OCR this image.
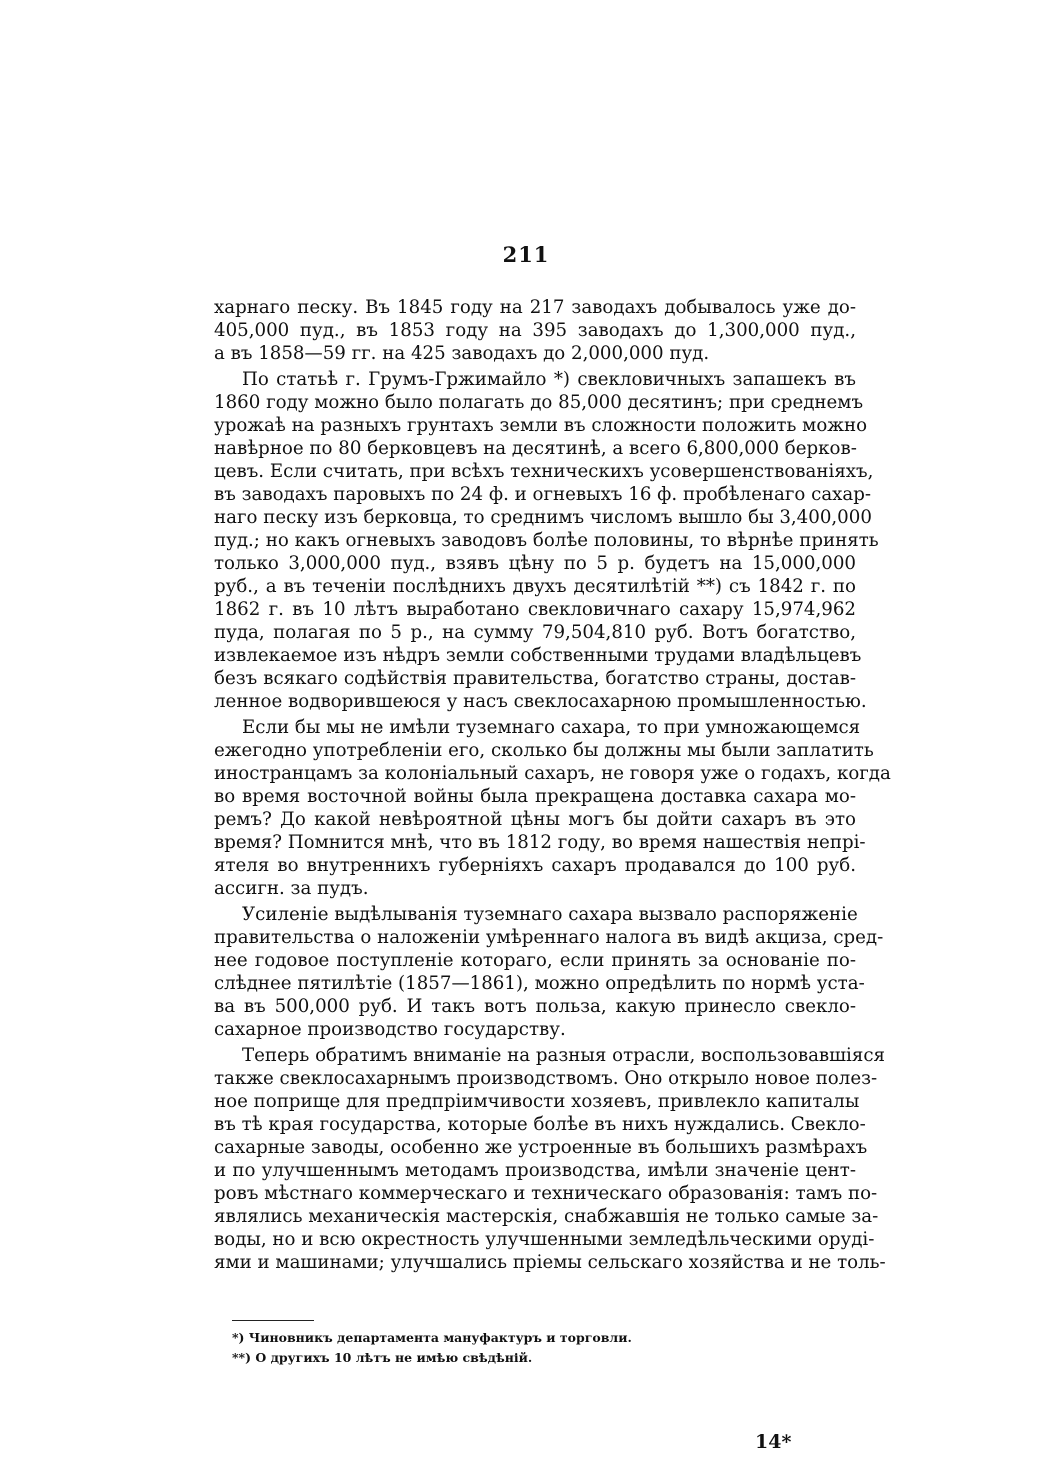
211
харнаго песку. Въ 1845 году на 217 заводахъ добывалось уже до-
405,000 пуд., въ 1853 году на 395 заводахъ до 1,300,000 пуд.,
а въ 1858—59 гг. на 425 заводахъ до 2,000,000 пуд.
По статьѣ г. Грумъ-Гржимайло *) свекловичныхъ запашекъ въ
1860 году можно было полагать до 85,000 десятинъ; при среднемъ
урожаѣ на разныхъ грунтахъ земли въ сложности положить можно
навѣрное по 80 берковцевъ на десятинѣ, а всего 6,800,000 берков-
цевъ. Если считать, при всѣхъ техническихъ усовершенствованіяхъ,
въ заводахъ паровыхъ по 24 ф. и огневыхъ 16 ф. пробѣленаго сахар-
наго песку изъ берковца, то среднимъ числомъ вышло бы 3,400,000
пуд.; но какъ огневыхъ заводовъ болѣе половины, то вѣрнѣе принять
только 3,000,000 пуд., взявъ цѣну по 5 р. будетъ на 15,000,000
руб., а въ теченіи послѣднихъ двухъ десятилѣтій **) съ 1842 г. по
1862 г. въ 10 лѣтъ выработано свекловичнаго сахару 15,974,962
пуда, полагая по 5 р., на сумму 79,504,810 руб. Вотъ богатство,
извлекаемое изъ нѣдръ земли собственными трудами владѣльцевъ
безъ всякаго содѣйствія правительства, богатство страны, достав-
ленное водворившеюся у насъ свеклосахарною промышленностью.
Если бы мы не имѣли туземнаго сахара, то при умножающемся
ежегодно употребленіи его, сколько бы должны мы были заплатить
иностранцамъ за колоніальный сахаръ, не говоря уже о годахъ, когда
во время восточной войны была прекращена доставка сахара мо-
ремъ? До какой невѣроятной цѣны могъ бы дойти сахаръ въ это
время? Помнится мнѣ, что въ 1812 году, во время нашествія непрі-
ятеля во внутреннихъ губерніяхъ сахаръ продавался до 100 руб.
ассигн. за пудъ.
Усиленіе выдѣлыванія туземнаго сахара вызвало распоряженіе
правительства о наложеніи умѣреннаго налога въ видѣ акциза, сред-
нее годовое поступленіе котораго, если принять за основаніе по-
слѣднее пятилѣтіе (1857—1861), можно опредѣлить по нормѣ уста-
ва въ 500,000 руб. И такъ вотъ польза, какую принесло свекло-
сахарное производство государству.
Теперь обратимъ вниманіе на разныя отрасли, воспользовавшіяся
также свеклосахарнымъ производствомъ. Оно открыло новое полез-
ное поприще для предпріимчивости хозяевъ, привлекло капиталы
въ тѣ края государства, которые болѣе въ нихъ нуждались. Свекло-
сахарные заводы, особенно же устроенные въ большихъ размѣрахъ
и по улучшеннымъ методамъ производства, имѣли значеніе цент-
ровъ мѣстнаго коммерческаго и техническаго образованія: тамъ по-
являлись механическія мастерскія, снабжавшія не только самые за-
воды, но и всю окрестность улучшенными земледѣльческими оруді-
ями и машинами; улучшались пріемы сельскаго хозяйства и не толь-
*) Чиновникъ департамента мануфактуръ и торговли.
**) О другихъ 10 лѣтъ не имѣю свѣдѣній.
14*
